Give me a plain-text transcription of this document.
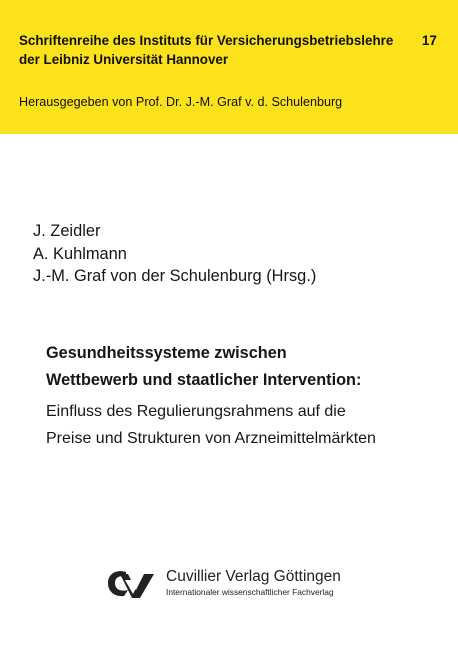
Schriftenreihe des Instituts für Versicherungsbetriebslehre
der Leibniz Universität Hannover
17
Herausgegeben von Prof. Dr. J.-M. Graf v. d. Schulenburg
J. Zeidler
A. Kuhlmann
J.-M. Graf von der Schulenburg (Hrsg.)
Gesundheitssysteme zwischen
Wettbewerb und staatlicher Intervention:
Einfluss des Regulierungsrahmens auf die
Preise und Strukturen von Arzneimittelmärkten
Cuvillier Verlag Göttingen
Internationaler wissenschaftlicher Fachverlag
